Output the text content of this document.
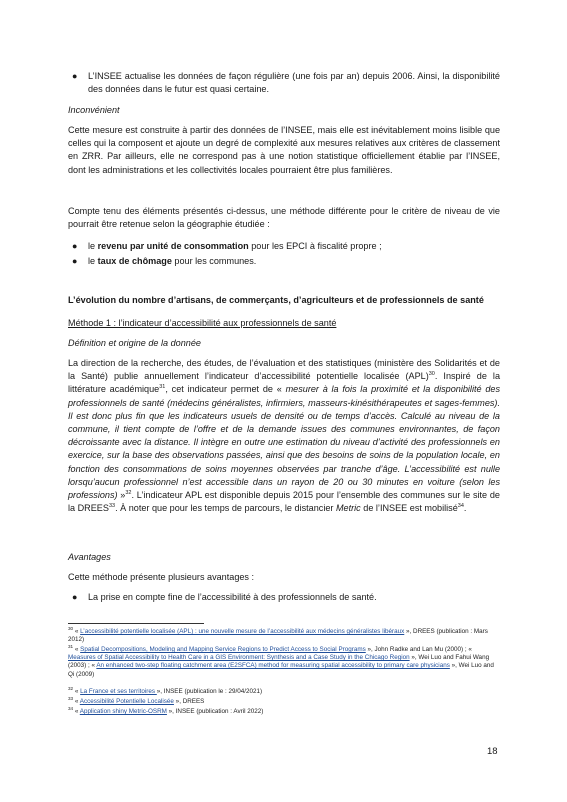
● L’INSEE actualise les données de façon régulière (une fois par an) depuis 2006. Ainsi, la disponibilité des données dans le futur est quasi certaine.
Inconvénient
Cette mesure est construite à partir des données de l’INSEE, mais elle est inévitablement moins lisible que celles qui la composent et ajoute un degré de complexité aux mesures relatives aux critères de classement en ZRR. Par ailleurs, elle ne correspond pas à une notion statistique officiellement établie par l’INSEE, dont les administrations et les collectivités locales pourraient être plus familières.
Compte tenu des éléments présentés ci-dessus, une méthode différente pour le critère de niveau de vie pourrait être retenue selon la géographie étudiée :
● le revenu par unité de consommation pour les EPCI à fiscalité propre ;
● le taux de chômage pour les communes.
L’évolution du nombre d’artisans, de commerçants, d’agriculteurs et de professionnels de santé
Méthode 1 : l’indicateur d’accessibilité aux professionnels de santé
Définition et origine de la donnée
La direction de la recherche, des études, de l’évaluation et des statistiques (ministère des Solidarités et de la Santé) publie annuellement l’indicateur d’accessibilité potentielle localisée (APL)$^{30}$. Inspiré de la littérature académique$^{31}$, cet indicateur permet de « mesurer à la fois la proximité et la disponibilité des professionnels de santé (médecins généralistes, infirmiers, masseurs-kinésithérapeutes et sages-femmes). Il est donc plus fin que les indicateurs usuels de densité ou de temps d’accès. Calculé au niveau de la commune, il tient compte de l’offre et de la demande issues des communes environnantes, de façon décroissante avec la distance. Il intègre en outre une estimation du niveau d’activité des professionnels en exercice, sur la base des observations passées, ainsi que des besoins de soins de la population locale, en fonction des consommations de soins moyennes observées par tranche d’âge. L’accessibilité est nulle lorsqu’aucun professionnel n’est accessible dans un rayon de 20 ou 30 minutes en voiture (selon les professions) »$^{32}$. L’indicateur APL est disponible depuis 2015 pour l’ensemble des communes sur le site de la DREES$^{33}$. À noter que pour les temps de parcours, le distancier Metric de l’INSEE est mobilisé$^{34}$.
Avantages
Cette méthode présente plusieurs avantages :
● La prise en compte fine de l’accessibilité à des professionnels de santé.
$^{30}$ « L’accessibilité potentielle localisée (APL) : une nouvelle mesure de l’accessibilité aux médecins généralistes libéraux », DREES (publication : Mars 2012)
$^{31}$ « Spatial Decompositions, Modeling and Mapping Service Regions to Predict Access to Social Programs », John Radke and Lan Mu (2000) ; « Measures of Spatial Accessibility to Health Care in a GIS Environment: Synthesis and a Case Study in the Chicago Region », Wei Luo and Fahui Wang (2003) ; « An enhanced two-step floating catchment area (E2SFCA) method for measuring spatial accessibility to primary care physicians », Wei Luo and Qi (2009)
$^{32}$ « La France et ses territoires », INSEE (publication le : 29/04/2021)
$^{33}$ « Accessibilité Potentielle Localisée », DREES
$^{34}$ « Application shiny Metric-OSRM », INSEE (publication : Avril 2022)
18
